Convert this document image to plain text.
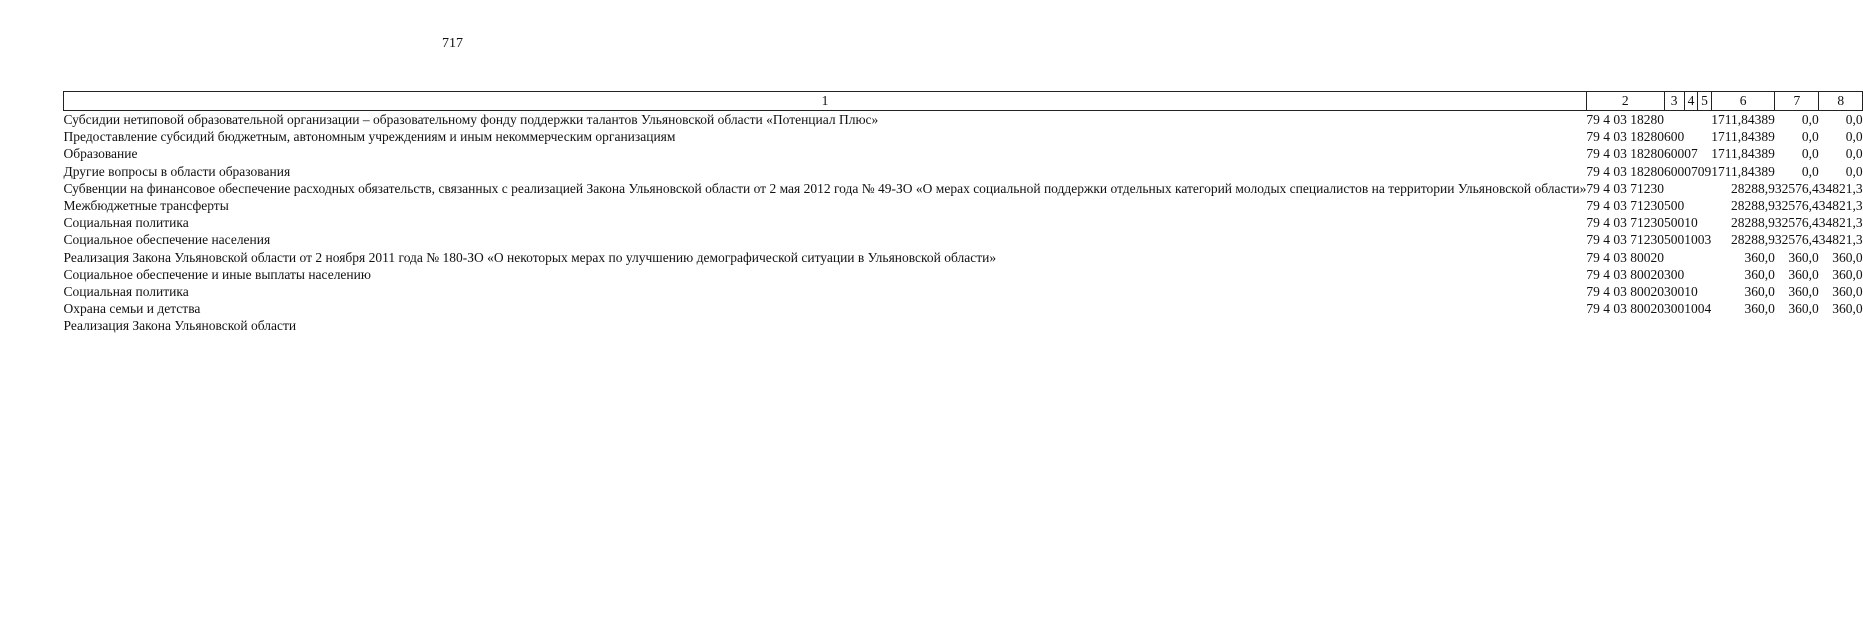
717
1	2	3	4	5	6	7	8
Субсидии нетиповой образовательной организации – образовательному фонду поддержки талантов Ульяновской области «Потенциал Плюс»	79 4 03 18280				1711,84389	0,0	0,0
Предоставление субсидий бюджетным, автономным учреждениям и иным некоммерческим организациям	79 4 03 18280	600			1711,84389	0,0	0,0
Образование	79 4 03 18280	600	07		1711,84389	0,0	0,0
Другие вопросы в области образования	79 4 03 18280	600	07	09	1711,84389	0,0	0,0
Субвенции на финансовое обеспечение расходных обязательств, связанных с реализацией Закона Ульяновской области от 2 мая 2012 года № 49-ЗО «О мерах социальной поддержки отдельных категорий молодых специалистов на территории Ульяновской области»	79 4 03 71230				28288,9	32576,4	34821,3
Межбюджетные трансферты	79 4 03 71230	500			28288,9	32576,4	34821,3
Социальная политика	79 4 03 71230	500	10		28288,9	32576,4	34821,3
Социальное обеспечение населения	79 4 03 71230	500	10	03	28288,9	32576,4	34821,3
Реализация Закона Ульяновской области от 2 ноября 2011 года № 180-ЗО «О некоторых мерах по улучшению демографической ситуации в Ульяновской области»	79 4 03 80020				360,0	360,0	360,0
Социальное обеспечение и иные выплаты населению	79 4 03 80020	300			360,0	360,0	360,0
Социальная политика	79 4 03 80020	300	10		360,0	360,0	360,0
Охрана семьи и детства	79 4 03 80020	300	10	04	360,0	360,0	360,0
Реализация Закона Ульяновской области							
